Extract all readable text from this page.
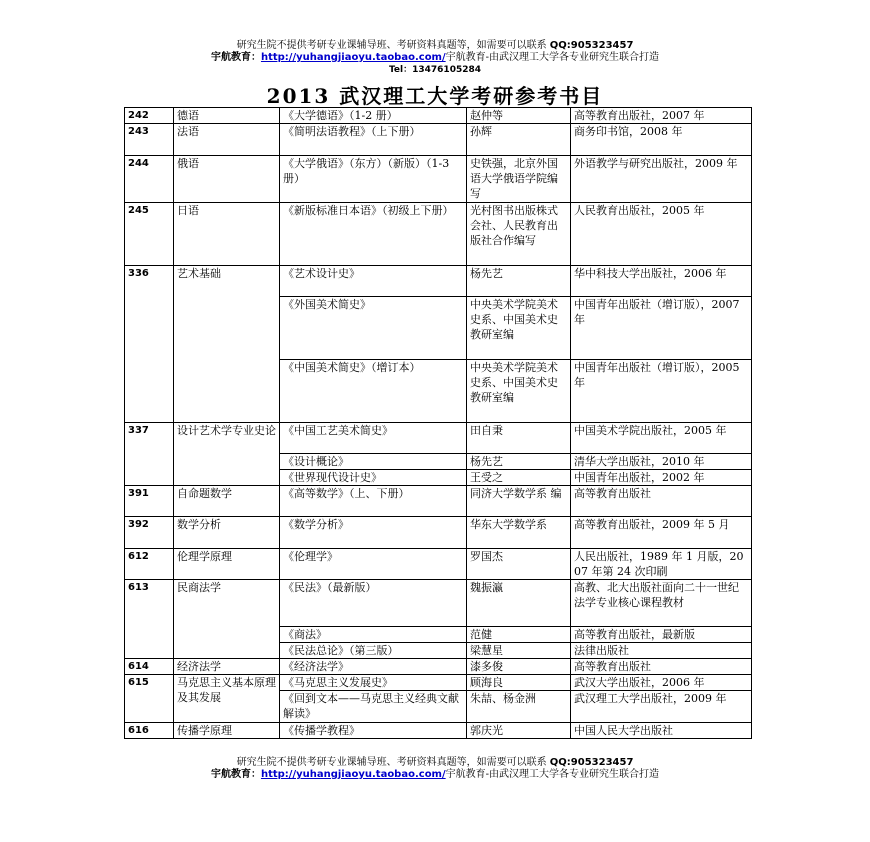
研究生院不提供考研专业课辅导班、考研资料真题等，如需要可以联系 QQ:905323457
宇航教育：http://yuhangjiaoyu.taobao.com/宇航教育-由武汉理工大学各专业研究生联合打造
Tel：13476105284
2013 武汉理工大学考研参考书目
242	德语	《大学德语》（1-2 册）	赵仲等	高等教育出版社，2007 年
243	法语	《简明法语教程》（上下册）	孙辉	商务印书馆，2008 年
244	俄语	《大学俄语》（东方）（新版）（1-3 册）	史铁强，北京外国语大学俄语学院编写	外语教学与研究出版社，2009 年
245	日语	《新版标准日本语》（初级上下册）	光村图书出版株式会社、人民教育出版社合作编写	人民教育出版社，2005 年
336	艺术基础	《艺术设计史》	杨先艺	华中科技大学出版社，2006 年
		《外国美术简史》	中央美术学院美术史系、中国美术史教研室编	中国青年出版社（增订版），2007 年
		《中国美术简史》（增订本）	中央美术学院美术史系、中国美术史教研室编	中国青年出版社（增订版），2005 年
337	设计艺术学专业史论	《中国工艺美术简史》	田自秉	中国美术学院出版社，2005 年
		《设计概论》	杨先艺	清华大学出版社，2010 年
		《世界现代设计史》	王受之	中国青年出版社，2002 年
391	自命题数学	《高等数学》（上、下册）	同济大学数学系 编	高等教育出版社
392	数学分析	《数学分析》	华东大学数学系	高等教育出版社，2009 年 5 月
612	伦理学原理	《伦理学》	罗国杰	人民出版社，1989 年 1 月版，2007 年第 24 次印刷
613	民商法学	《民法》（最新版）	魏振瀛	高教、北大出版社面向二十一世纪法学专业核心课程教材
		《商法》	范健	高等教育出版社，最新版
		《民法总论》（第三版）	梁慧星	法律出版社
614	经济法学	《经济法学》	漆多俊	高等教育出版社
615	马克思主义基本原理及其发展	《马克思主义发展史》	顾海良	武汉大学出版社，2006 年
		《回到文本——马克思主义经典文献解读》	朱喆、杨金洲	武汉理工大学出版社，2009 年
616	传播学原理	《传播学教程》	郭庆光	中国人民大学出版社
研究生院不提供考研专业课辅导班、考研资料真题等，如需要可以联系 QQ:905323457
宇航教育：http://yuhangjiaoyu.taobao.com/宇航教育-由武汉理工大学各专业研究生联合打造
